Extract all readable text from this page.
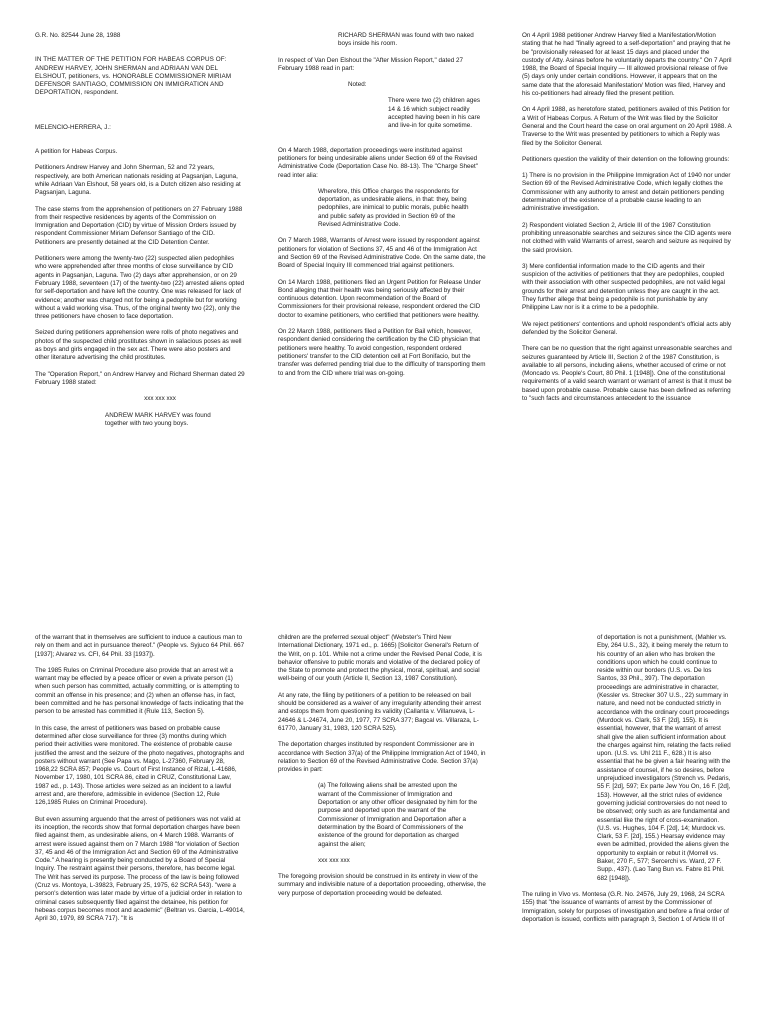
G.R. No. 82544 June 28, 1988

IN THE MATTER OF THE PETITION FOR HABEAS CORPUS OF: ANDREW HARVEY, JOHN SHERMAN and ADRIAAN VAN DEL ELSHOUT, petitioners, vs. HONORABLE COMMISSIONER MIRIAM DEFENSOR SANTIAGO, COMMISSION ON IMMIGRATION AND DEPORTATION, respondent.

MELENCIO-HERRERA, J.:

A petition for Habeas Corpus.

Petitioners Andrew Harvey and John Sherman, 52 and 72 years, respectively, are both American nationals residing at Pagsanjan, Laguna, while Adriaan Van Elshout, 58 years old, is a Dutch citizen also residing at Pagsanjan, Laguna.

The case stems from the apprehension of petitioners on 27 February 1988 from their respective residences by agents of the Commission on Immigration and Deportation (CID) by virtue of Mission Orders issued by respondent Commissioner Miriam Defensor Santiago of the CID. Petitioners are presently detained at the CID Detention Center.

Petitioners were among the twenty-two (22) suspected alien pedophiles who were apprehended after three months of close surveillance by CID agents in Pagsanjan, Laguna. Two (2) days after apprehension, or on 29 February 1988, seventeen (17) of the twenty-two (22) arrested aliens opted for self-deportation and have left the country. One was released for lack of evidence; another was charged not for being a pedophile but for working without a valid working visa. Thus, of the original twenty two (22), only the three petitioners have chosen to face deportation.

Seized during petitioners apprehension were rolls of photo negatives and photos of the suspected child prostitutes shown in salacious poses as well as boys and girls engaged in the sex act. There were also posters and other literature advertising the child prostitutes.

The "Operation Report," on Andrew Harvey and Richard Sherman dated 29 February 1988 stated:

xxx xxx xxx

ANDREW MARK HARVEY was found together with two young boys.

RICHARD SHERMAN was found with two naked boys inside his room.

In respect of Van Den Elshout the "After Mission Report," dated 27 February 1988 read in part:

Noted:

There were two (2) children ages 14 & 16 which subject readily accepted having been in his care and live-in for quite sometime.

On 4 March 1988, deportation proceedings were instituted against petitioners for being undesirable aliens under Section 69 of the Revised Administrative Code (Deportation Case No. 88-13). The "Charge Sheet" read inter alia:

Wherefore, this Office charges the respondents for deportation, as undesirable aliens, in that: they, being pedophiles, are inimical to public morals, public health and public safety as provided in Section 69 of the Revised Administrative Code.

On 7 March 1988, Warrants of Arrest were issued by respondent against petitioners for violation of Sections 37, 45 and 46 of the Immigration Act and Section 69 of the Revised Administrative Code. On the same date, the Board of Special Inquiry III commenced trial against petitioners.

On 14 March 1988, petitioners filed an Urgent Petition for Release Under Bond alleging that their health was being seriously affected by their continuous detention. Upon recommendation of the Board of Commissioners for their provisional release, respondent ordered the CID doctor to examine petitioners, who certified that petitioners were healthy.

On 22 March 1988, petitioners filed a Petition for Bail which, however, respondent denied considering the certification by the CID physician that petitioners were healthy. To avoid congestion, respondent ordered petitioners' transfer to the CID detention cell at Fort Bonifacio, but the transfer was deferred pending trial due to the difficulty of transporting them to and from the CID where trial was on-going.

On 4 April 1988 petitioner Andrew Harvey filed a Manifestation/Motion stating that he had "finally agreed to a self-deportation" and praying that he be "provisionally released for at least 15 days and placed under the custody of Atty. Asinas before he voluntarily departs the country." On 7 April 1988, the Board of Special Inquiry — III allowed provisional release of five (5) days only under certain conditions. However, it appears that on the same date that the aforesaid Manifestation/ Motion was filed, Harvey and his co-petitioners had already filed the present petition.

On 4 April 1988, as heretofore stated, petitioners availed of this Petition for a Writ of Habeas Corpus. A Return of the Writ was filed by the Solicitor General and the Court heard the case on oral argument on 20 April 1988. A Traverse to the Writ was presented by petitioners to which a Reply was filed by the Solicitor General.

Petitioners question the validity of their detention on the following grounds:

1) There is no provision in the Philippine Immigration Act of 1940 nor under Section 69 of the Revised Administrative Code, which legally clothes the Commissioner with any authority to arrest and detain petitioners pending determination of the existence of a probable cause leading to an administrative investigation.

2) Respondent violated Section 2, Article III of the 1987 Constitution prohibiting unreasonable searches and seizures since the CID agents were not clothed with valid Warrants of arrest, search and seizure as required by the said provision.

3) Mere confidential information made to the CID agents and their suspicion of the activities of petitioners that they are pedophiles, coupled with their association with other suspected pedophiles, are not valid legal grounds for their arrest and detention unless they are caught in the act. They further allege that being a pedophile is not punishable by any Philippine Law nor is it a crime to be a pedophile.

We reject petitioners' contentions and uphold respondent's official acts ably defended by the Solicitor General.

There can be no question that the right against unreasonable searches and seizures guaranteed by Article III, Section 2 of the 1987 Constitution, is available to all persons, including aliens, whether accused of crime or not (Moncado vs. People's Court, 80 Phil. 1 [1948]). One of the constitutional requirements of a valid search warrant or warrant of arrest is that it must be based upon probable cause. Probable cause has been defined as referring to "such facts and circumstances antecedent to the issuance

of the warrant that in themselves are sufficient to induce a cautious man to rely on them and act in pursuance thereof." (People vs. Syjuco 64 Phil. 667 [1937]; Alvarez vs. CFI, 64 Phil. 33 [1937]).

The 1985 Rules on Criminal Procedure also provide that an arrest wit a warrant may be effected by a peace officer or even a private person (1) when such person has committed, actually committing, or is attempting to commit an offense in his presence; and (2) when an offense has, in fact, been committed and he has personal knowledge of facts indicating that the person to be arrested has committed it (Rule 113, Section 5).

In this case, the arrest of petitioners was based on probable cause determined after close surveillance for three (3) months during which period their activities were monitored. The existence of probable cause justified the arrest and the seizure of the photo negatives, photographs and posters without warrant (See Papa vs. Mago, L-27360, February 28, 1968,22 SCRA 857; People vs. Court of First Instance of Rizal, L-41686, November 17, 1980, 101 SCRA 86, cited in CRUZ, Constitutional Law, 1987 ed., p. 143). Those articles were seized as an incident to a lawful arrest and, are therefore, admissible in evidence (Section 12, Rule 126,1985 Rules on Criminal Procedure).

But even assuming arguendo that the arrest of petitioners was not valid at its inception, the records show that formal deportation charges have been filed against them, as undesirable aliens, on 4 March 1988. Warrants of arrest were issued against them on 7 March 1988 "for violation of Section 37, 45 and 46 of the Immigration Act and Section 69 of the Administrative Code." A hearing is presently being conducted by a Board of Special Inquiry. The restraint against their persons, therefore, has become legal. The Writ has served its purpose. The process of the law is being followed (Cruz vs. Montoya, L-39823, February 25, 1975, 62 SCRA 543). "were a person's detention was later made by virtue of a judicial order in relation to criminal cases subsequently filed against the detainee, his petition for hebeas corpus becomes moot and academic" (Beltran vs. Garcia, L-49014, April 30, 1979, 89 SCRA 717). "It is

children are the preferred sexual object" (Webster's Third New International Dictionary, 1971 ed., p. 1665) [Solicitor General's Return of the Writ, on p. 101. While not a crime under the Revised Penal Code, it is behavior offensive to public morals and violative of the declared policy of the State to promote and protect the physical, moral, spiritual, and social well-being of our youth (Article II, Section 13, 1987 Constitution).

At any rate, the filing by petitioners of a petition to be released on bail should be considered as a waiver of any irregularity attending their arrest and estops them from questioning its validity (Callanta v. Villanueva, L-24646 & L-24674, June 20, 1977, 77 SCRA 377; Bagcal vs. Villaraza, L-61770, January 31, 1983, 120 SCRA 525).

The deportation charges instituted by respondent Commissioner are in accordance with Section 37(a) of the Philippine Immigration Act of 1940, in relation to Section 69 of the Revised Administrative Code. Section 37(a) provides in part:

(a) The following aliens shall be arrested upon the warrant of the Commissioner of Immigration and Deportation or any other officer designated by him for the purpose and deported upon the warrant of the Commissioner of Immigration and Deportation after a determination by the Board of Commissioners of the existence of the ground for deportation as charged against the alien;

xxx xxx xxx

The foregoing provision should be construed in its entirety in view of the summary and indivisible nature of a deportation proceeding, otherwise, the very purpose of deportation proceeding would be defeated.

of deportation is not a punishment, (Mahler vs. Eby, 264 U.S., 32), it being merely the return to his country of an alien who has broken the conditions upon which he could continue to reside within our borders (U.S. vs. De los Santos, 33 Phil., 397). The deportation proceedings are administrative in character, (Kessler vs. Strecker 307 U.S., 22) summary in nature, and need not be conducted strictly in accordance with the ordinary court proceedings (Murdock vs. Clark, 53 F. [2d], 155). It is essential, however, that the warrant of arrest shall give the alien sufficient information about the charges against him, relating the facts relied upon. (U.S. vs. Uhl 211 F., 628.) It is also essential that he be given a fair hearing with the assistance of counsel, if he so desires, before unprejudiced investigators (Strench vs. Pedaris, 55 F. [2d], 597; Ex parte Jew You On, 16 F. [2d], 153). However, all the strict rules of evidence governing judicial controversies do not need to be observed; only such as are fundamental and essential like the right of cross-examination. (U.S. vs. Hughes, 104 F. [2d], 14; Murdock vs. Clark, 53 F. [2d], 155.) Hearsay evidence may even be admitted, provided the aliens given the opportunity to explain or rebut it (Morrell vs. Baker, 270 F., 577; Sercerchi vs. Ward, 27 F. Supp., 437). (Lao Tang Bun vs. Fabre 81 Phil. 682 [1948]).

The ruling in Vivo vs. Montesa (G.R. No. 24576, July 29, 1968, 24 SCRA 155) that "the issuance of warrants of arrest by the Commissioner of Immigration, solely for purposes of investigation and before a final order of deportation is issued, conflicts with paragraph 3, Section 1 of Article III of
